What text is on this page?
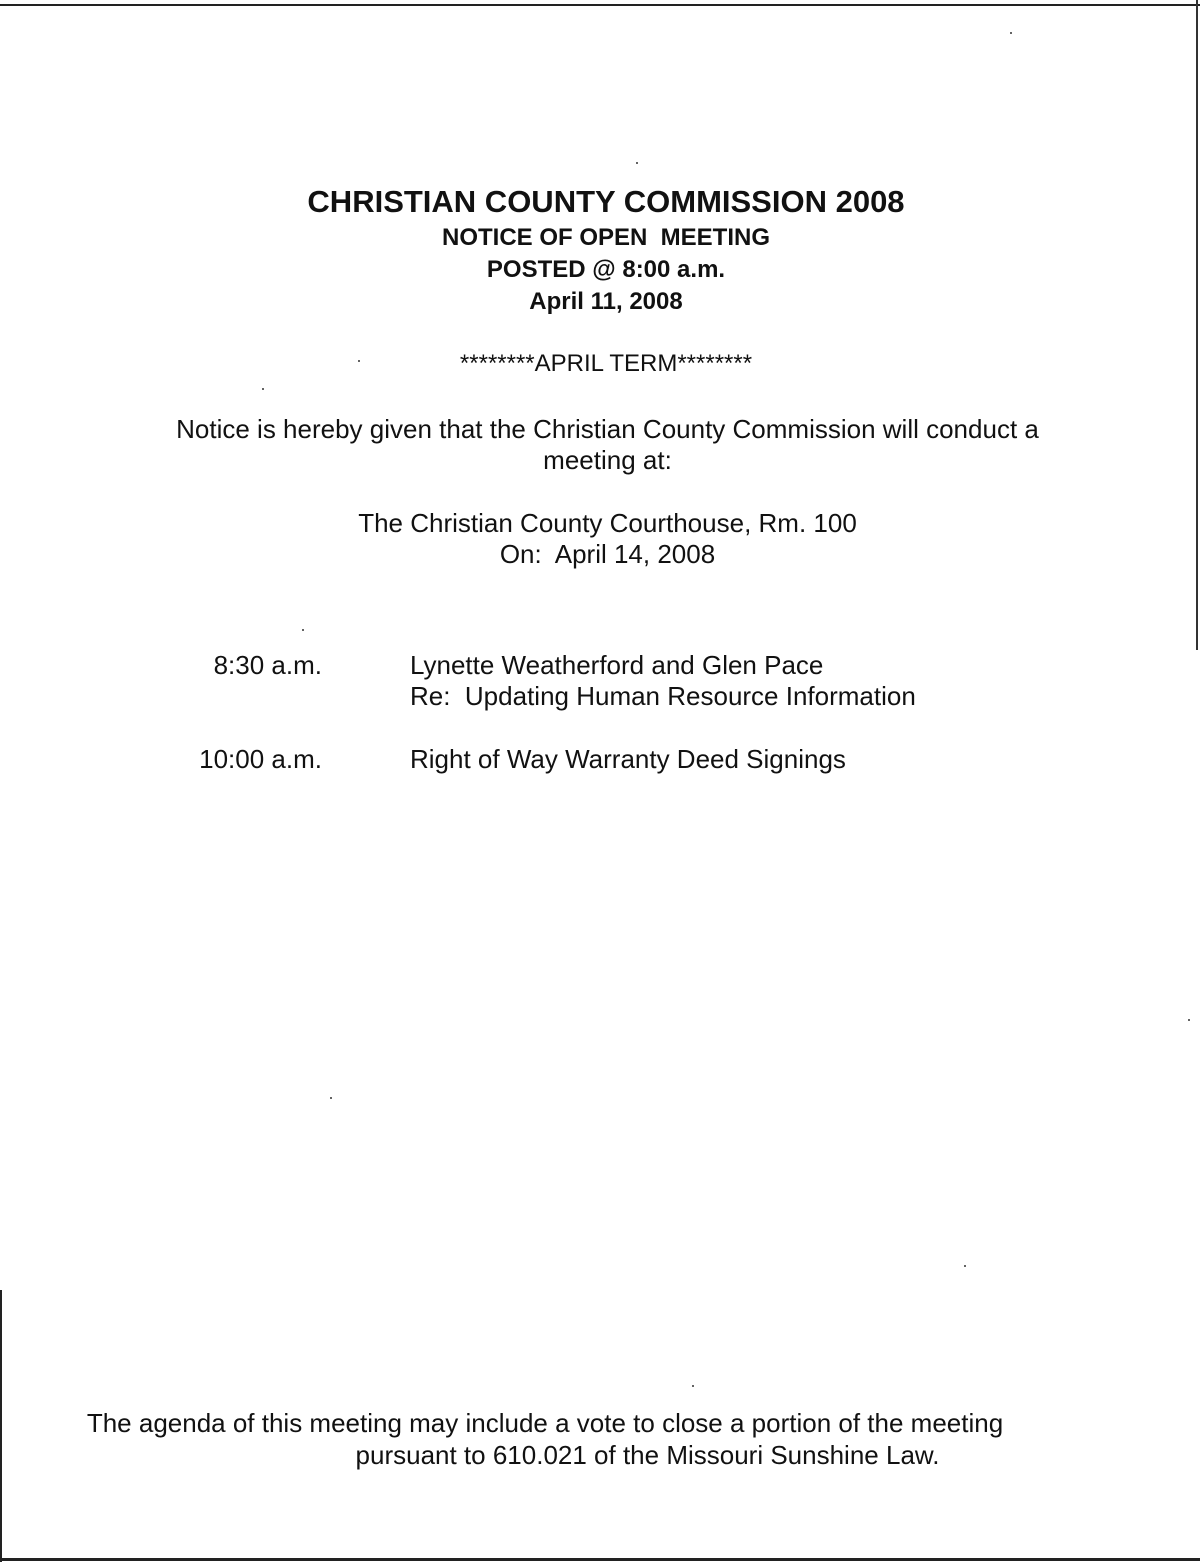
CHRISTIAN COUNTY COMMISSION 2008
NOTICE OF OPEN  MEETING
POSTED @ 8:00 a.m.
April 11, 2008
********APRIL TERM********
Notice is hereby given that the Christian County Commission will conduct a
meeting at:
The Christian County Courthouse, Rm. 100
On:  April 14, 2008
8:30 a.m.	Lynette Weatherford and Glen Pace
Re:  Updating Human Resource Information
10:00 a.m.	Right of Way Warranty Deed Signings
The agenda of this meeting may include a vote to close a portion of the meeting
pursuant to 610.021 of the Missouri Sunshine Law.
